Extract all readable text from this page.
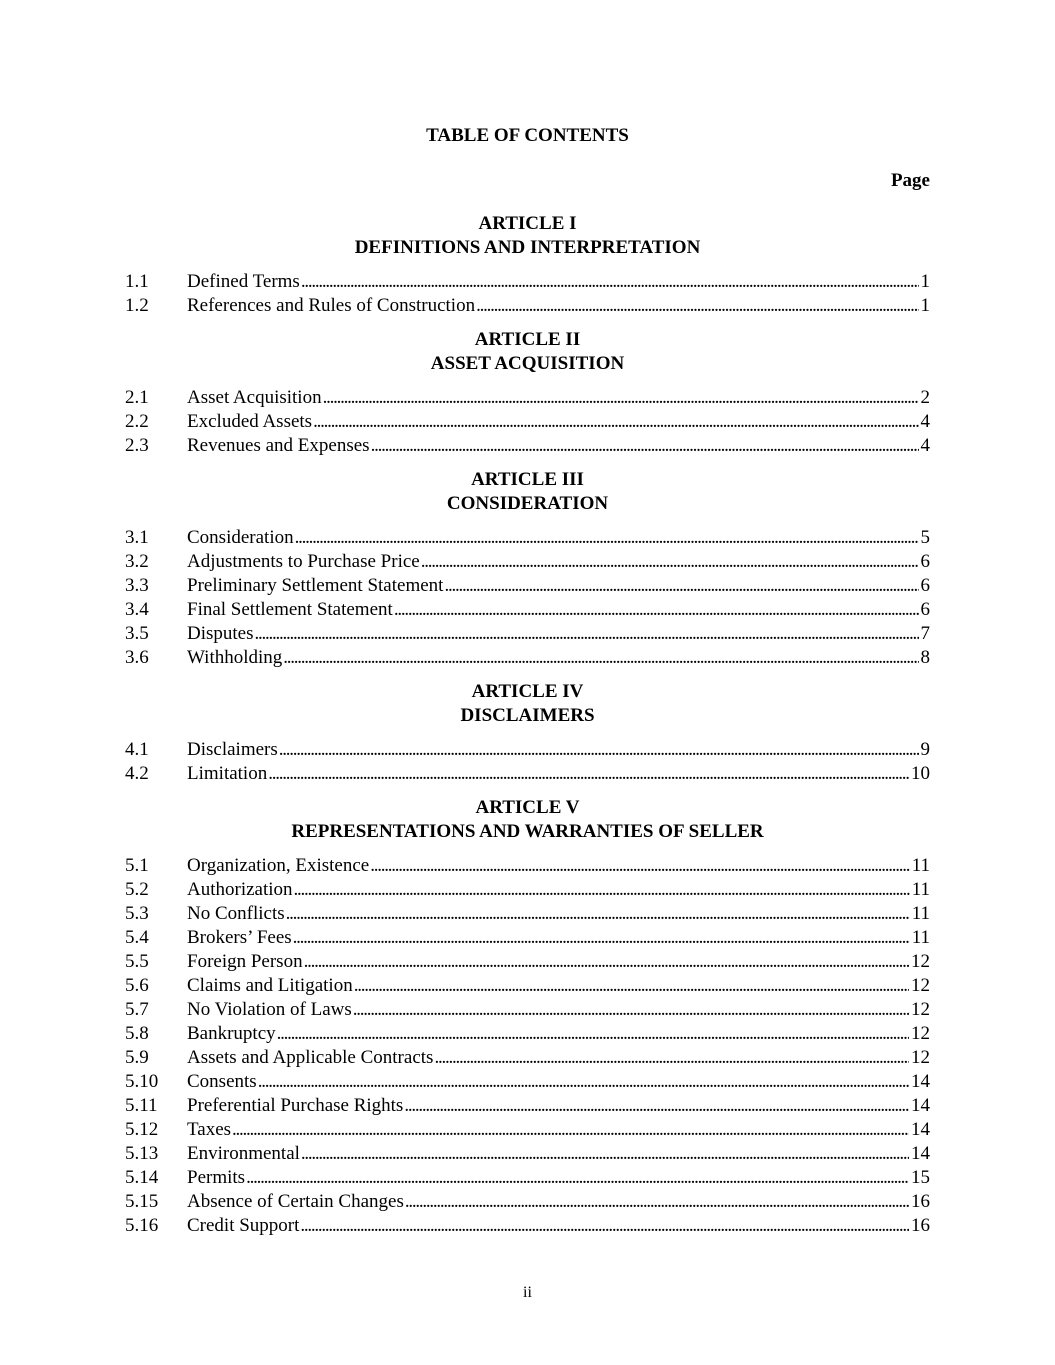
TABLE OF CONTENTS
Page
ARTICLE I
DEFINITIONS AND INTERPRETATION
1.1	Defined Terms . . .	1
1.2	References and Rules of Construction . . .	1
ARTICLE II
ASSET ACQUISITION
2.1	Asset Acquisition . . .	2
2.2	Excluded Assets . . .	4
2.3	Revenues and Expenses . . .	4
ARTICLE III
CONSIDERATION
3.1	Consideration . . .	5
3.2	Adjustments to Purchase Price . . .	6
3.3	Preliminary Settlement Statement . . .	6
3.4	Final Settlement Statement . . .	6
3.5	Disputes . . .	7
3.6	Withholding . . .	8
ARTICLE IV
DISCLAIMERS
4.1	Disclaimers . . .	9
4.2	Limitation . . .	10
ARTICLE V
REPRESENTATIONS AND WARRANTIES OF SELLER
5.1	Organization, Existence . . .	11
5.2	Authorization . . .	11
5.3	No Conflicts . . .	11
5.4	Brokers’ Fees . . .	11
5.5	Foreign Person . . .	12
5.6	Claims and Litigation . . .	12
5.7	No Violation of Laws . . .	12
5.8	Bankruptcy . . .	12
5.9	Assets and Applicable Contracts . . .	12
5.10	Consents . . .	14
5.11	Preferential Purchase Rights . . .	14
5.12	Taxes . . .	14
5.13	Environmental . . .	14
5.14	Permits . . .	15
5.15	Absence of Certain Changes . . .	16
5.16	Credit Support . . .	16
ii
